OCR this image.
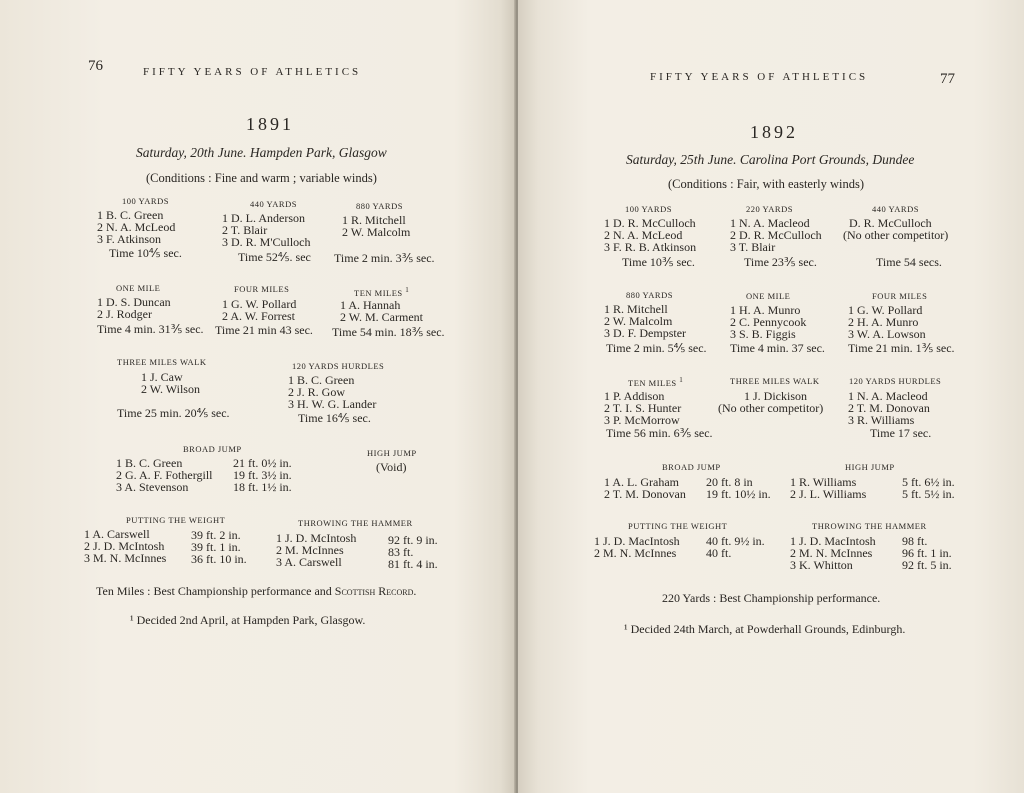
76	FIFTY YEARS OF ATHLETICS
1891
Saturday, 20th June. Hampden Park, Glasgow
(Conditions : Fine and warm ; variable winds)
100 YARDS
1 B. C. Green
2 N. A. McLeod
3 F. Atkinson
Time 10⅘ sec.
440 YARDS
1 D. L. Anderson
2 T. Blair
3 D. R. M'Culloch
Time 52⅘. sec
880 YARDS
1 R. Mitchell
2 W. Malcolm
Time 2 min. 3⅗ sec.
ONE MILE
1 D. S. Duncan
2 J. Rodger
Time 4 min. 31⅗ sec.
FOUR MILES
1 G. W. Pollard
2 A. W. Forrest
Time 21 min 43 sec.
TEN MILES $^1$
1 A. Hannah
2 W. M. Carment
Time 54 min. 18⅗ sec.
THREE MILES WALK
1 J. Caw
2 W. Wilson
Time 25 min. 20⅘ sec.
120 YARDS HURDLES
1 B. C. Green
2 J. R. Gow
3 H. W. G. Lander
Time 16⅘ sec.
BROAD JUMP
1 B. C. Green
2 G. A. F. Fothergill
3 A. Stevenson
21 ft. 0½ in.
19 ft. 3½ in.
18 ft. 1½ in.
HIGH JUMP
(Void)
PUTTING THE WEIGHT
1 A. Carswell
2 J. D. McIntosh
3 M. N. McInnes
39 ft. 2 in.
39 ft. 1 in.
36 ft. 10 in.
THROWING THE HAMMER
1 J. D. McIntosh
2 M. McInnes
3 A. Carswell
92 ft. 9 in.
83 ft.
81 ft. 4 in.
Ten Miles : Best Championship performance and Scottish Record.
¹ Decided 2nd April, at Hampden Park, Glasgow.
FIFTY YEARS OF ATHLETICS	77
1892
Saturday, 25th June. Carolina Port Grounds, Dundee
(Conditions : Fair, with easterly winds)
100 YARDS
1 D. R. McCulloch
2 N. A. McLeod
3 F. R. B. Atkinson
Time 10⅗ sec.
220 YARDS
1 N. A. Macleod
2 D. R. McCulloch
3 T. Blair
Time 23⅗ sec.
440 YARDS
D. R. McCulloch
(No other competitor)
Time 54 secs.
880 YARDS
1 R. Mitchell
2 W. Malcolm
3 D. F. Dempster
Time 2 min. 5⅘ sec.
ONE MILE
1 H. A. Munro
2 C. Pennycook
3 S. B. Figgis
Time 4 min. 37 sec.
FOUR MILES
1 G. W. Pollard
2 H. A. Munro
3 W. A. Lowson
Time 21 min. 1⅗ sec.
TEN MILES $^1$
1 P. Addison
2 T. I. S. Hunter
3 P. McMorrow
Time 56 min. 6⅗ sec.
THREE MILES WALK
1 J. Dickison
(No other competitor)
120 YARDS HURDLES
1 N. A. Macleod
2 T. M. Donovan
3 R. Williams
Time 17 sec.
BROAD JUMP
1 A. L. Graham
2 T. M. Donovan
20 ft. 8 in
19 ft. 10½ in.
HIGH JUMP
1 R. Williams
2 J. L. Williams
5 ft. 6½ in.
5 ft. 5½ in.
PUTTING THE WEIGHT
1 J. D. MacIntosh
2 M. N. McInnes
40 ft. 9½ in.
40 ft.
THROWING THE HAMMER
1 J. D. MacIntosh
2 M. N. McInnes
3 K. Whitton
98 ft.
96 ft. 1 in.
92 ft. 5 in.
220 Yards : Best Championship performance.
¹ Decided 24th March, at Powderhall Grounds, Edinburgh.
